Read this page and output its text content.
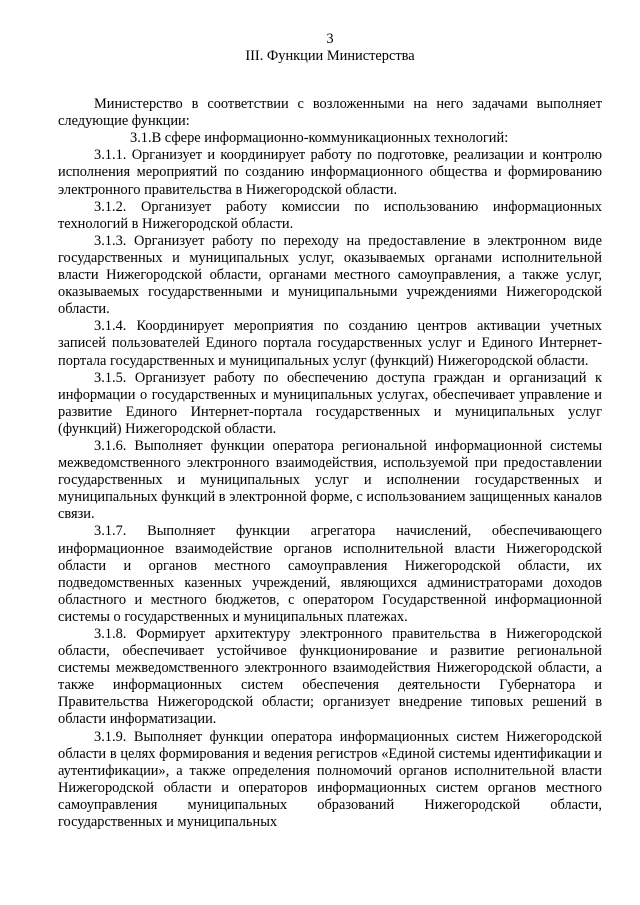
3

III. Функции Министерства

Министерство в соответствии с возложенными на него задачами выполняет следующие функции:

3.1.В сфере информационно-коммуникационных технологий:

3.1.1. Организует и координирует работу по подготовке, реализации и контролю исполнения мероприятий по созданию информационного общества и формированию электронного правительства в Нижегородской области.

3.1.2. Организует работу комиссии по использованию информационных технологий в Нижегородской области.

3.1.3. Организует работу по переходу на предоставление в электронном виде государственных и муниципальных услуг, оказываемых органами исполнительной власти Нижегородской области, органами местного самоуправления, а также услуг, оказываемых государственными и муниципальными учреждениями Нижегородской области.

3.1.4. Координирует мероприятия по созданию центров активации учетных записей пользователей Единого портала государственных услуг и Единого Интернет-портала государственных и муниципальных услуг (функций) Нижегородской области.

3.1.5. Организует работу по обеспечению доступа граждан и организаций к информации о государственных и муниципальных услугах, обеспечивает управление и развитие Единого Интернет-портала государственных и муниципальных услуг (функций) Нижегородской области.

3.1.6. Выполняет функции оператора региональной информационной системы межведомственного электронного взаимодействия, используемой при предоставлении государственных и муниципальных услуг и исполнении государственных и муниципальных функций в электронной форме, с использованием защищенных каналов связи.

3.1.7. Выполняет функции агрегатора начислений, обеспечивающего информационное взаимодействие органов исполнительной власти Нижегородской области и органов местного самоуправления Нижегородской области, их подведомственных казенных учреждений, являющихся администраторами доходов областного и местного бюджетов, с оператором Государственной информационной системы о государственных и муниципальных платежах.

3.1.8. Формирует архитектуру электронного правительства в Нижегородской области, обеспечивает устойчивое функционирование и развитие региональной системы межведомственного электронного взаимодействия Нижегородской области, а также информационных систем обеспечения деятельности Губернатора и Правительства Нижегородской области; организует внедрение типовых решений в области информатизации.

3.1.9. Выполняет функции оператора информационных систем Нижегородской области в целях формирования и ведения регистров «Единой системы идентификации и аутентификации», а также определения полномочий органов исполнительной власти Нижегородской области и операторов информационных систем органов местного самоуправления муниципальных образований Нижегородской области, государственных и муниципальных
